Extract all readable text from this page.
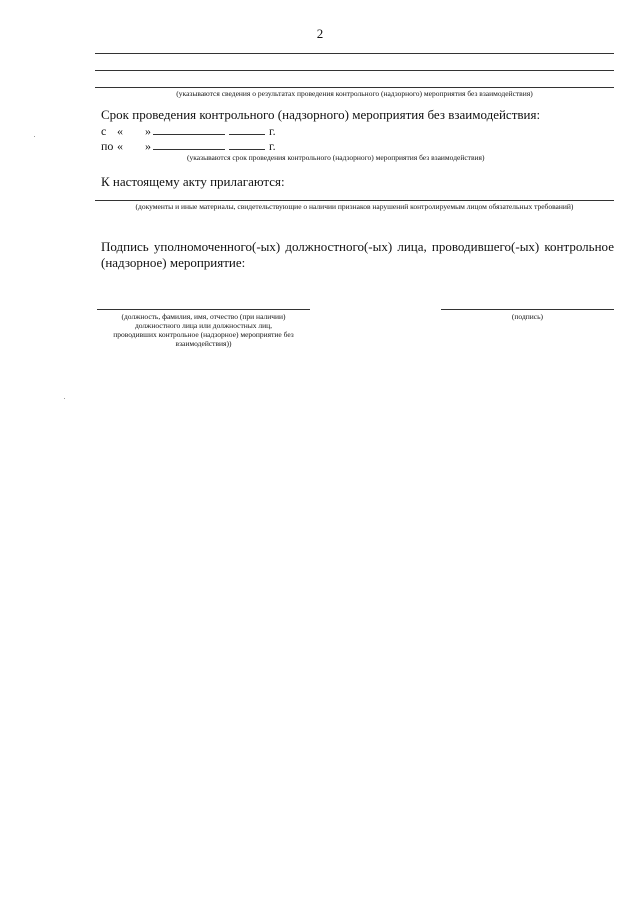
2
(указываются сведения о результатах проведения контрольного (надзорного) мероприятия без взаимодействия)
Срок проведения контрольного (надзорного) мероприятия без взаимодействия:
с « »	г.
по « »	г.
(указываются срок проведения контрольного (надзорного) мероприятия без взаимодействия)
К настоящему акту прилагаются:
(документы и иные материалы, свидетельствующие о наличии признаков нарушений контролируемым лицом обязательных требований)
Подпись уполномоченного(-ых) должностного(-ых) лица, проводившего(-ых) контрольное
(надзорное) мероприятие:
(должность, фамилия, имя, отчество (при наличии)
должностного лица или должностных лиц,
проводивших контрольное (надзорное) мероприятие без
взаимодействия))
(подпись)
